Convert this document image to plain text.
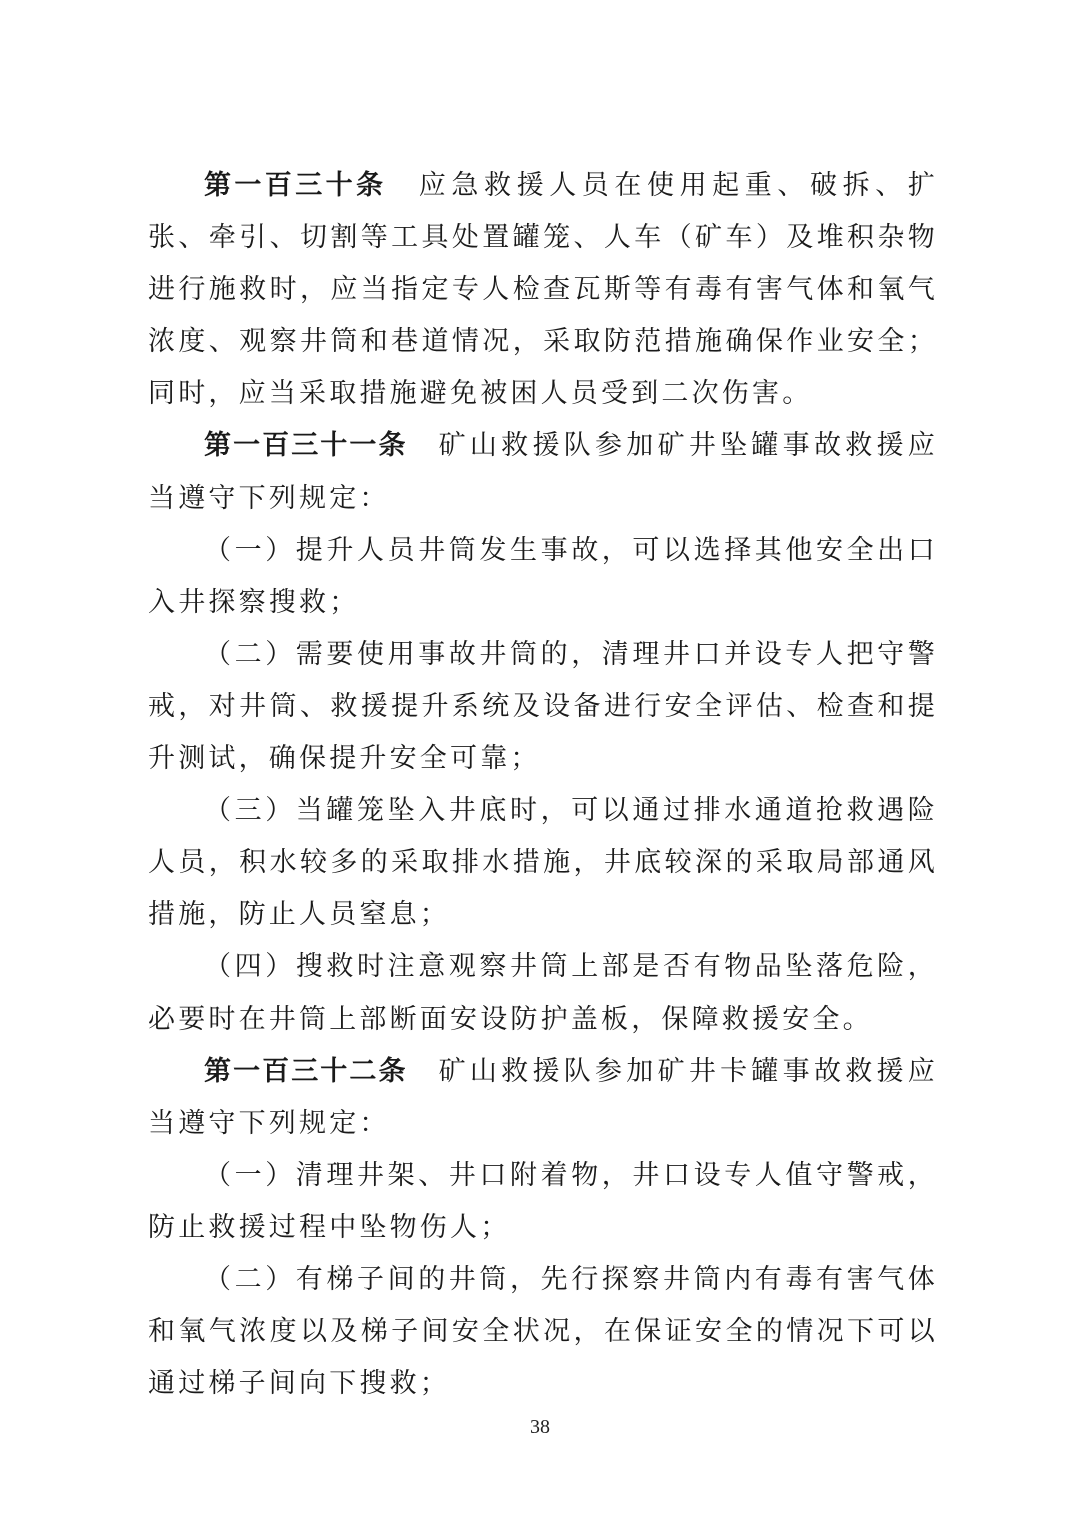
第一百三十条 应急救援人员在使用起重、破拆、扩张、牵引、切割等工具处置罐笼、人车（矿车）及堆积杂物进行施救时，应当指定专人检查瓦斯等有毒有害气体和氧气浓度、观察井筒和巷道情况，采取防范措施确保作业安全；同时，应当采取措施避免被困人员受到二次伤害。

第一百三十一条 矿山救援队参加矿井坠罐事故救援应当遵守下列规定：

（一）提升人员井筒发生事故，可以选择其他安全出口入井探察搜救；

（二）需要使用事故井筒的，清理井口并设专人把守警戒，对井筒、救援提升系统及设备进行安全评估、检查和提升测试，确保提升安全可靠；

（三）当罐笼坠入井底时，可以通过排水通道抢救遇险人员，积水较多的采取排水措施，井底较深的采取局部通风措施，防止人员窒息；

（四）搜救时注意观察井筒上部是否有物品坠落危险，必要时在井筒上部断面安设防护盖板，保障救援安全。

第一百三十二条 矿山救援队参加矿井卡罐事故救援应当遵守下列规定：

（一）清理井架、井口附着物，井口设专人值守警戒，防止救援过程中坠物伤人；

（二）有梯子间的井筒，先行探察井筒内有毒有害气体和氧气浓度以及梯子间安全状况，在保证安全的情况下可以通过梯子间向下搜救；

38
